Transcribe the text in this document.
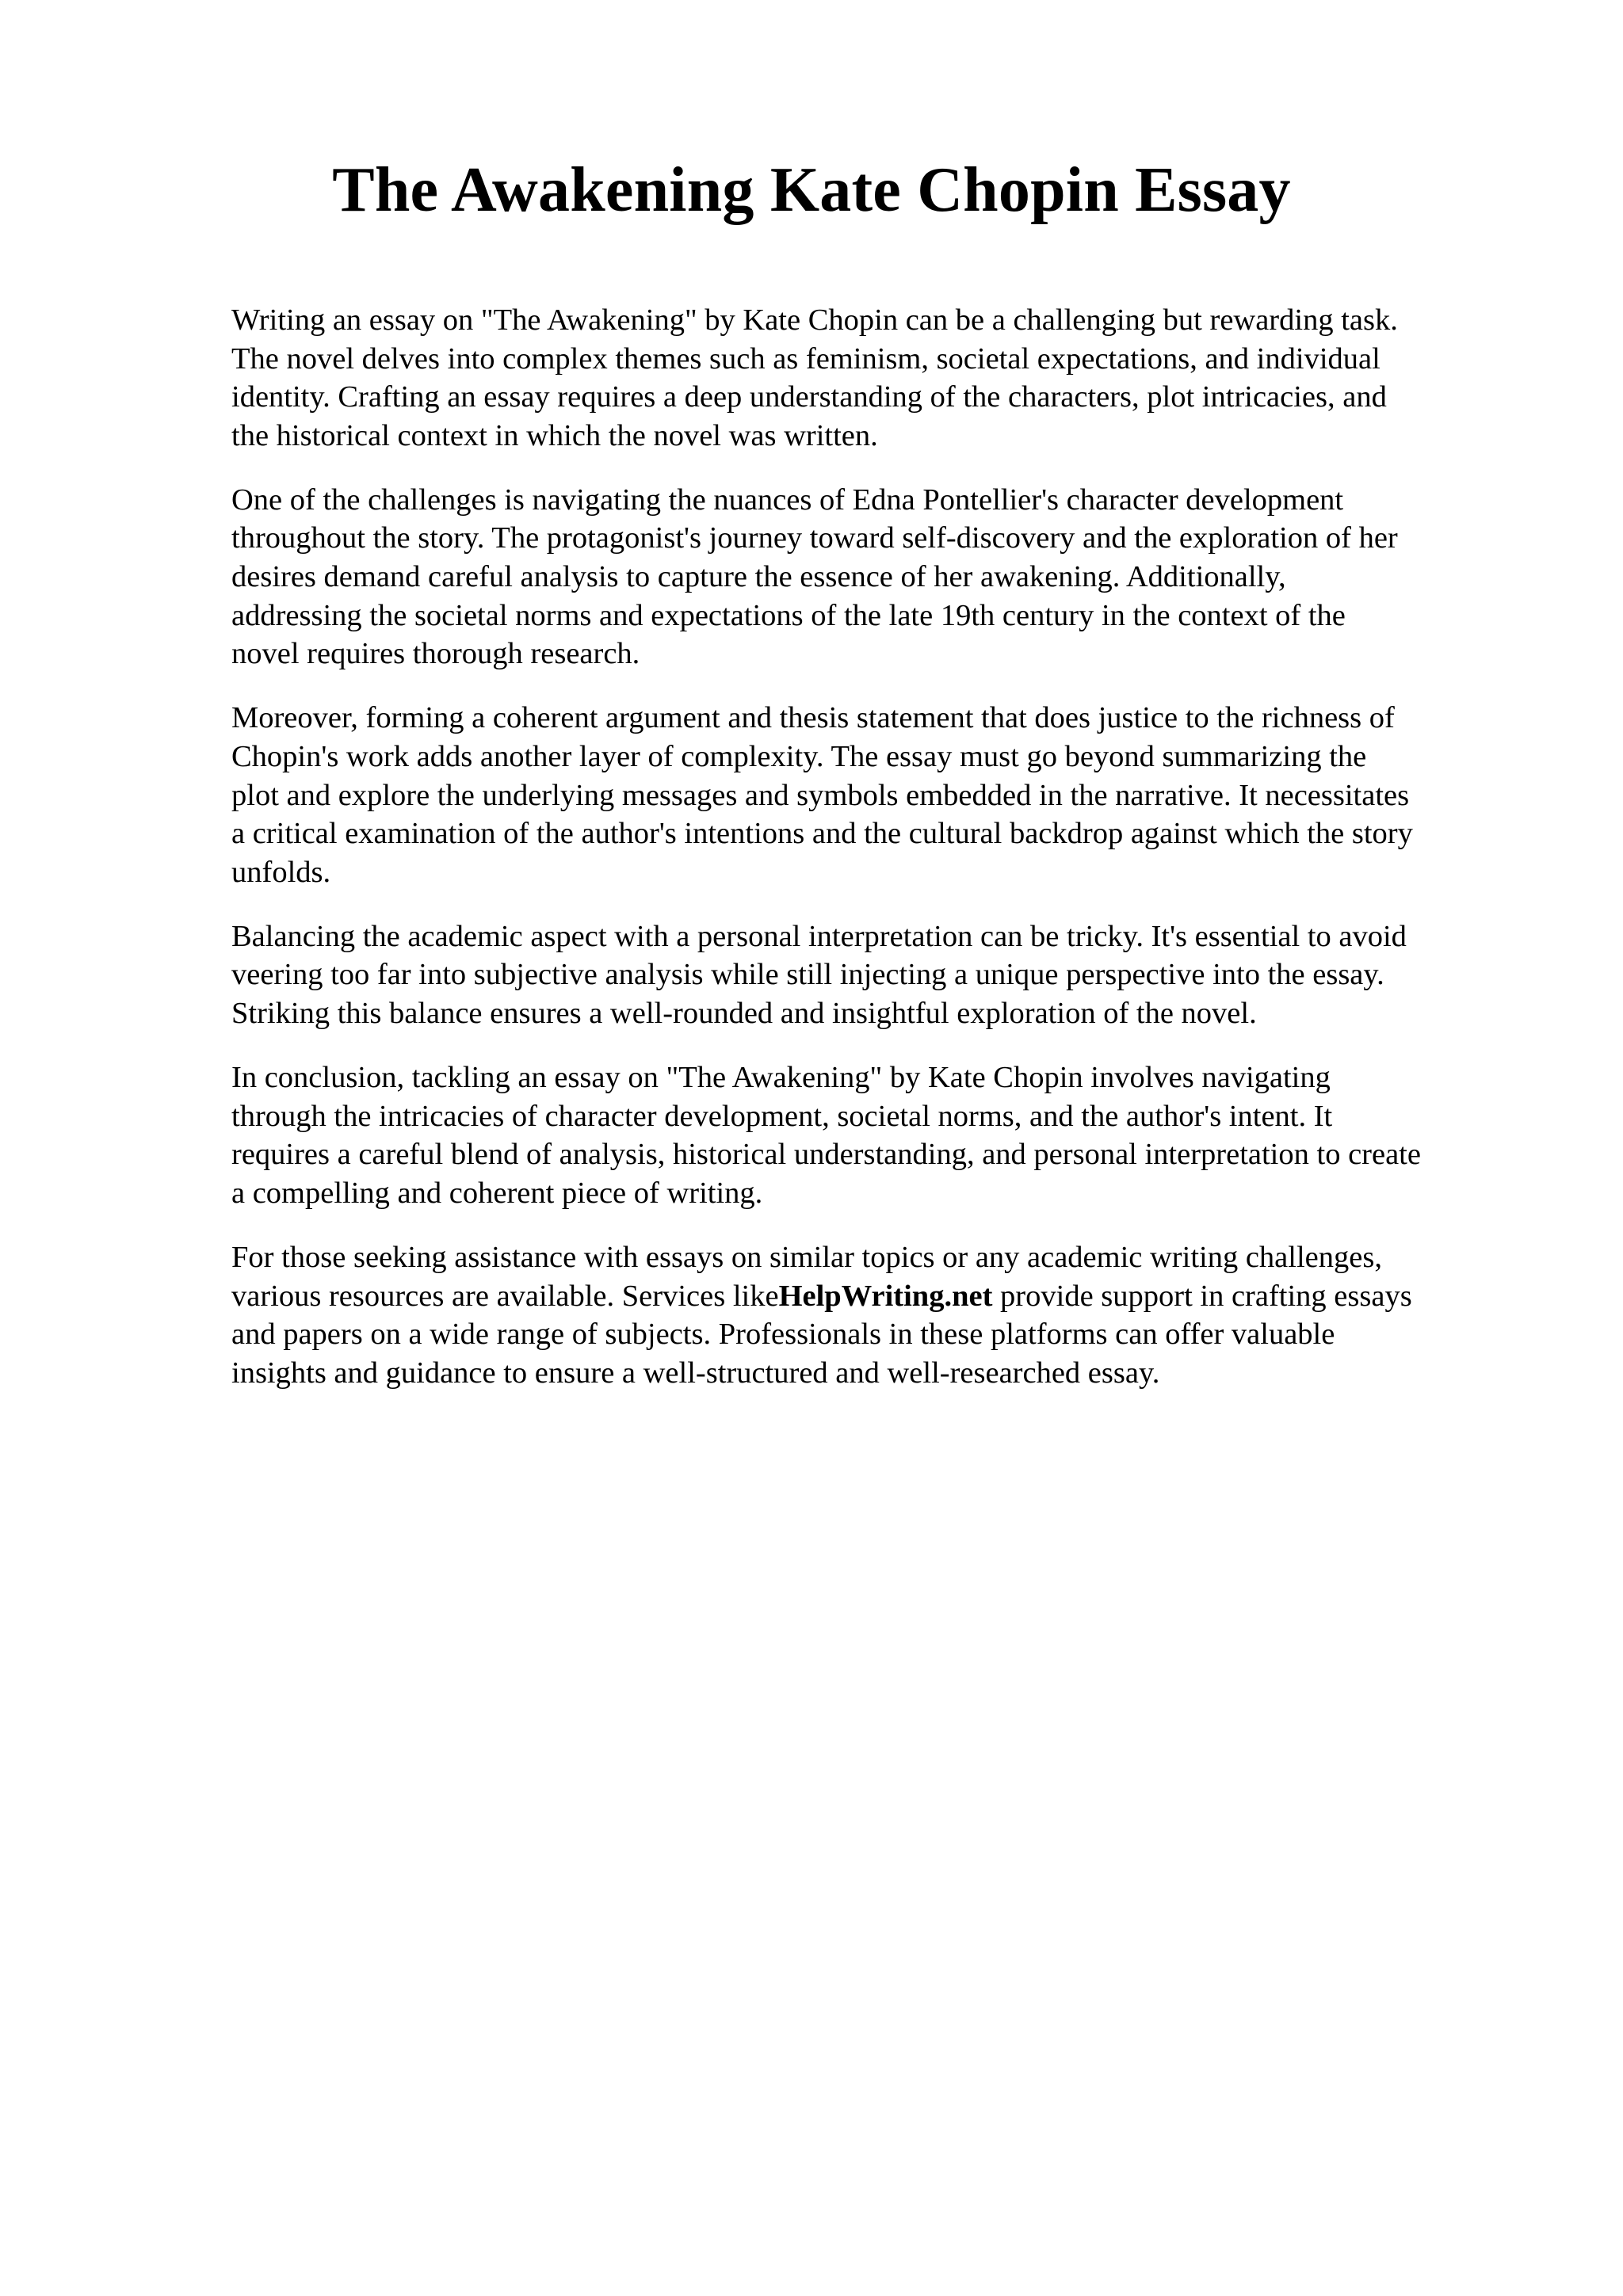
The Awakening Kate Chopin Essay

Writing an essay on "The Awakening" by Kate Chopin can be a challenging but rewarding task.
The novel delves into complex themes such as feminism, societal expectations, and individual
identity. Crafting an essay requires a deep understanding of the characters, plot intricacies, and
the historical context in which the novel was written.

One of the challenges is navigating the nuances of Edna Pontellier's character development
throughout the story. The protagonist's journey toward self-discovery and the exploration of her
desires demand careful analysis to capture the essence of her awakening. Additionally,
addressing the societal norms and expectations of the late 19th century in the context of the
novel requires thorough research.

Moreover, forming a coherent argument and thesis statement that does justice to the richness of
Chopin's work adds another layer of complexity. The essay must go beyond summarizing the
plot and explore the underlying messages and symbols embedded in the narrative. It necessitates
a critical examination of the author's intentions and the cultural backdrop against which the story
unfolds.

Balancing the academic aspect with a personal interpretation can be tricky. It's essential to avoid
veering too far into subjective analysis while still injecting a unique perspective into the essay.
Striking this balance ensures a well-rounded and insightful exploration of the novel.

In conclusion, tackling an essay on "The Awakening" by Kate Chopin involves navigating
through the intricacies of character development, societal norms, and the author's intent. It
requires a careful blend of analysis, historical understanding, and personal interpretation to create
a compelling and coherent piece of writing.

For those seeking assistance with essays on similar topics or any academic writing challenges,
various resources are available. Services likeHelpWriting.net provide support in crafting essays
and papers on a wide range of subjects. Professionals in these platforms can offer valuable
insights and guidance to ensure a well-structured and well-researched essay.
